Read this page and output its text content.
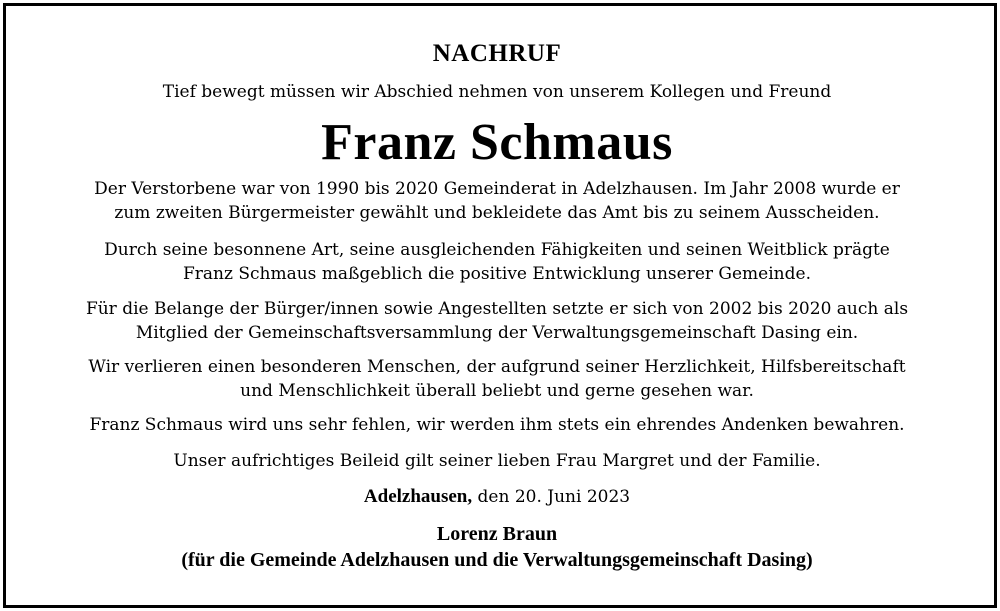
NACHRUF
Tief bewegt müssen wir Abschied nehmen von unserem Kollegen und Freund
Franz Schmaus
Der Verstorbene war von 1990 bis 2020 Gemeinderat in Adelzhausen. Im Jahr 2008 wurde er
zum zweiten Bürgermeister gewählt und bekleidete das Amt bis zu seinem Ausscheiden.
Durch seine besonnene Art, seine ausgleichenden Fähigkeiten und seinen Weitblick prägte
Franz Schmaus maßgeblich die positive Entwicklung unserer Gemeinde.
Für die Belange der Bürger/innen sowie Angestellten setzte er sich von 2002 bis 2020 auch als
Mitglied der Gemeinschaftsversammlung der Verwaltungsgemeinschaft Dasing ein.
Wir verlieren einen besonderen Menschen, der aufgrund seiner Herzlichkeit, Hilfsbereitschaft
und Menschlichkeit überall beliebt und gerne gesehen war.
Franz Schmaus wird uns sehr fehlen, wir werden ihm stets ein ehrendes Andenken bewahren.
Unser aufrichtiges Beileid gilt seiner lieben Frau Margret und der Familie.
Adelzhausen, den 20. Juni 2023
Lorenz Braun
(für die Gemeinde Adelzhausen und die Verwaltungsgemeinschaft Dasing)
